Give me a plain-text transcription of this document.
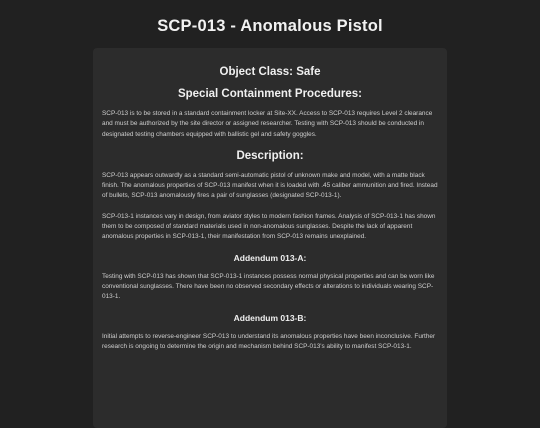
SCP-013 - Anomalous Pistol
Object Class: Safe
Special Containment Procedures:

SCP-013 is to be stored in a standard containment locker at Site-XX. Access to SCP-013 requires Level 2 clearance and must be authorized by the site director or assigned researcher. Testing with SCP-013 should be conducted in designated testing chambers equipped with ballistic gel and safety goggles.

Description:

SCP-013 appears outwardly as a standard semi-automatic pistol of unknown make and model, with a matte black finish. The anomalous properties of SCP-013 manifest when it is loaded with .45 caliber ammunition and fired. Instead of bullets, SCP-013 anomalously fires a pair of sunglasses (designated SCP-013-1).

SCP-013-1 instances vary in design, from aviator styles to modern fashion frames. Analysis of SCP-013-1 has shown them to be composed of standard materials used in non-anomalous sunglasses. Despite the lack of apparent anomalous properties in SCP-013-1, their manifestation from SCP-013 remains unexplained.

Addendum 013-A:

Testing with SCP-013 has shown that SCP-013-1 instances possess normal physical properties and can be worn like conventional sunglasses. There have been no observed secondary effects or alterations to individuals wearing SCP-013-1.

Addendum 013-B:

Initial attempts to reverse-engineer SCP-013 to understand its anomalous properties have been inconclusive. Further research is ongoing to determine the origin and mechanism behind SCP-013's ability to manifest SCP-013-1.
